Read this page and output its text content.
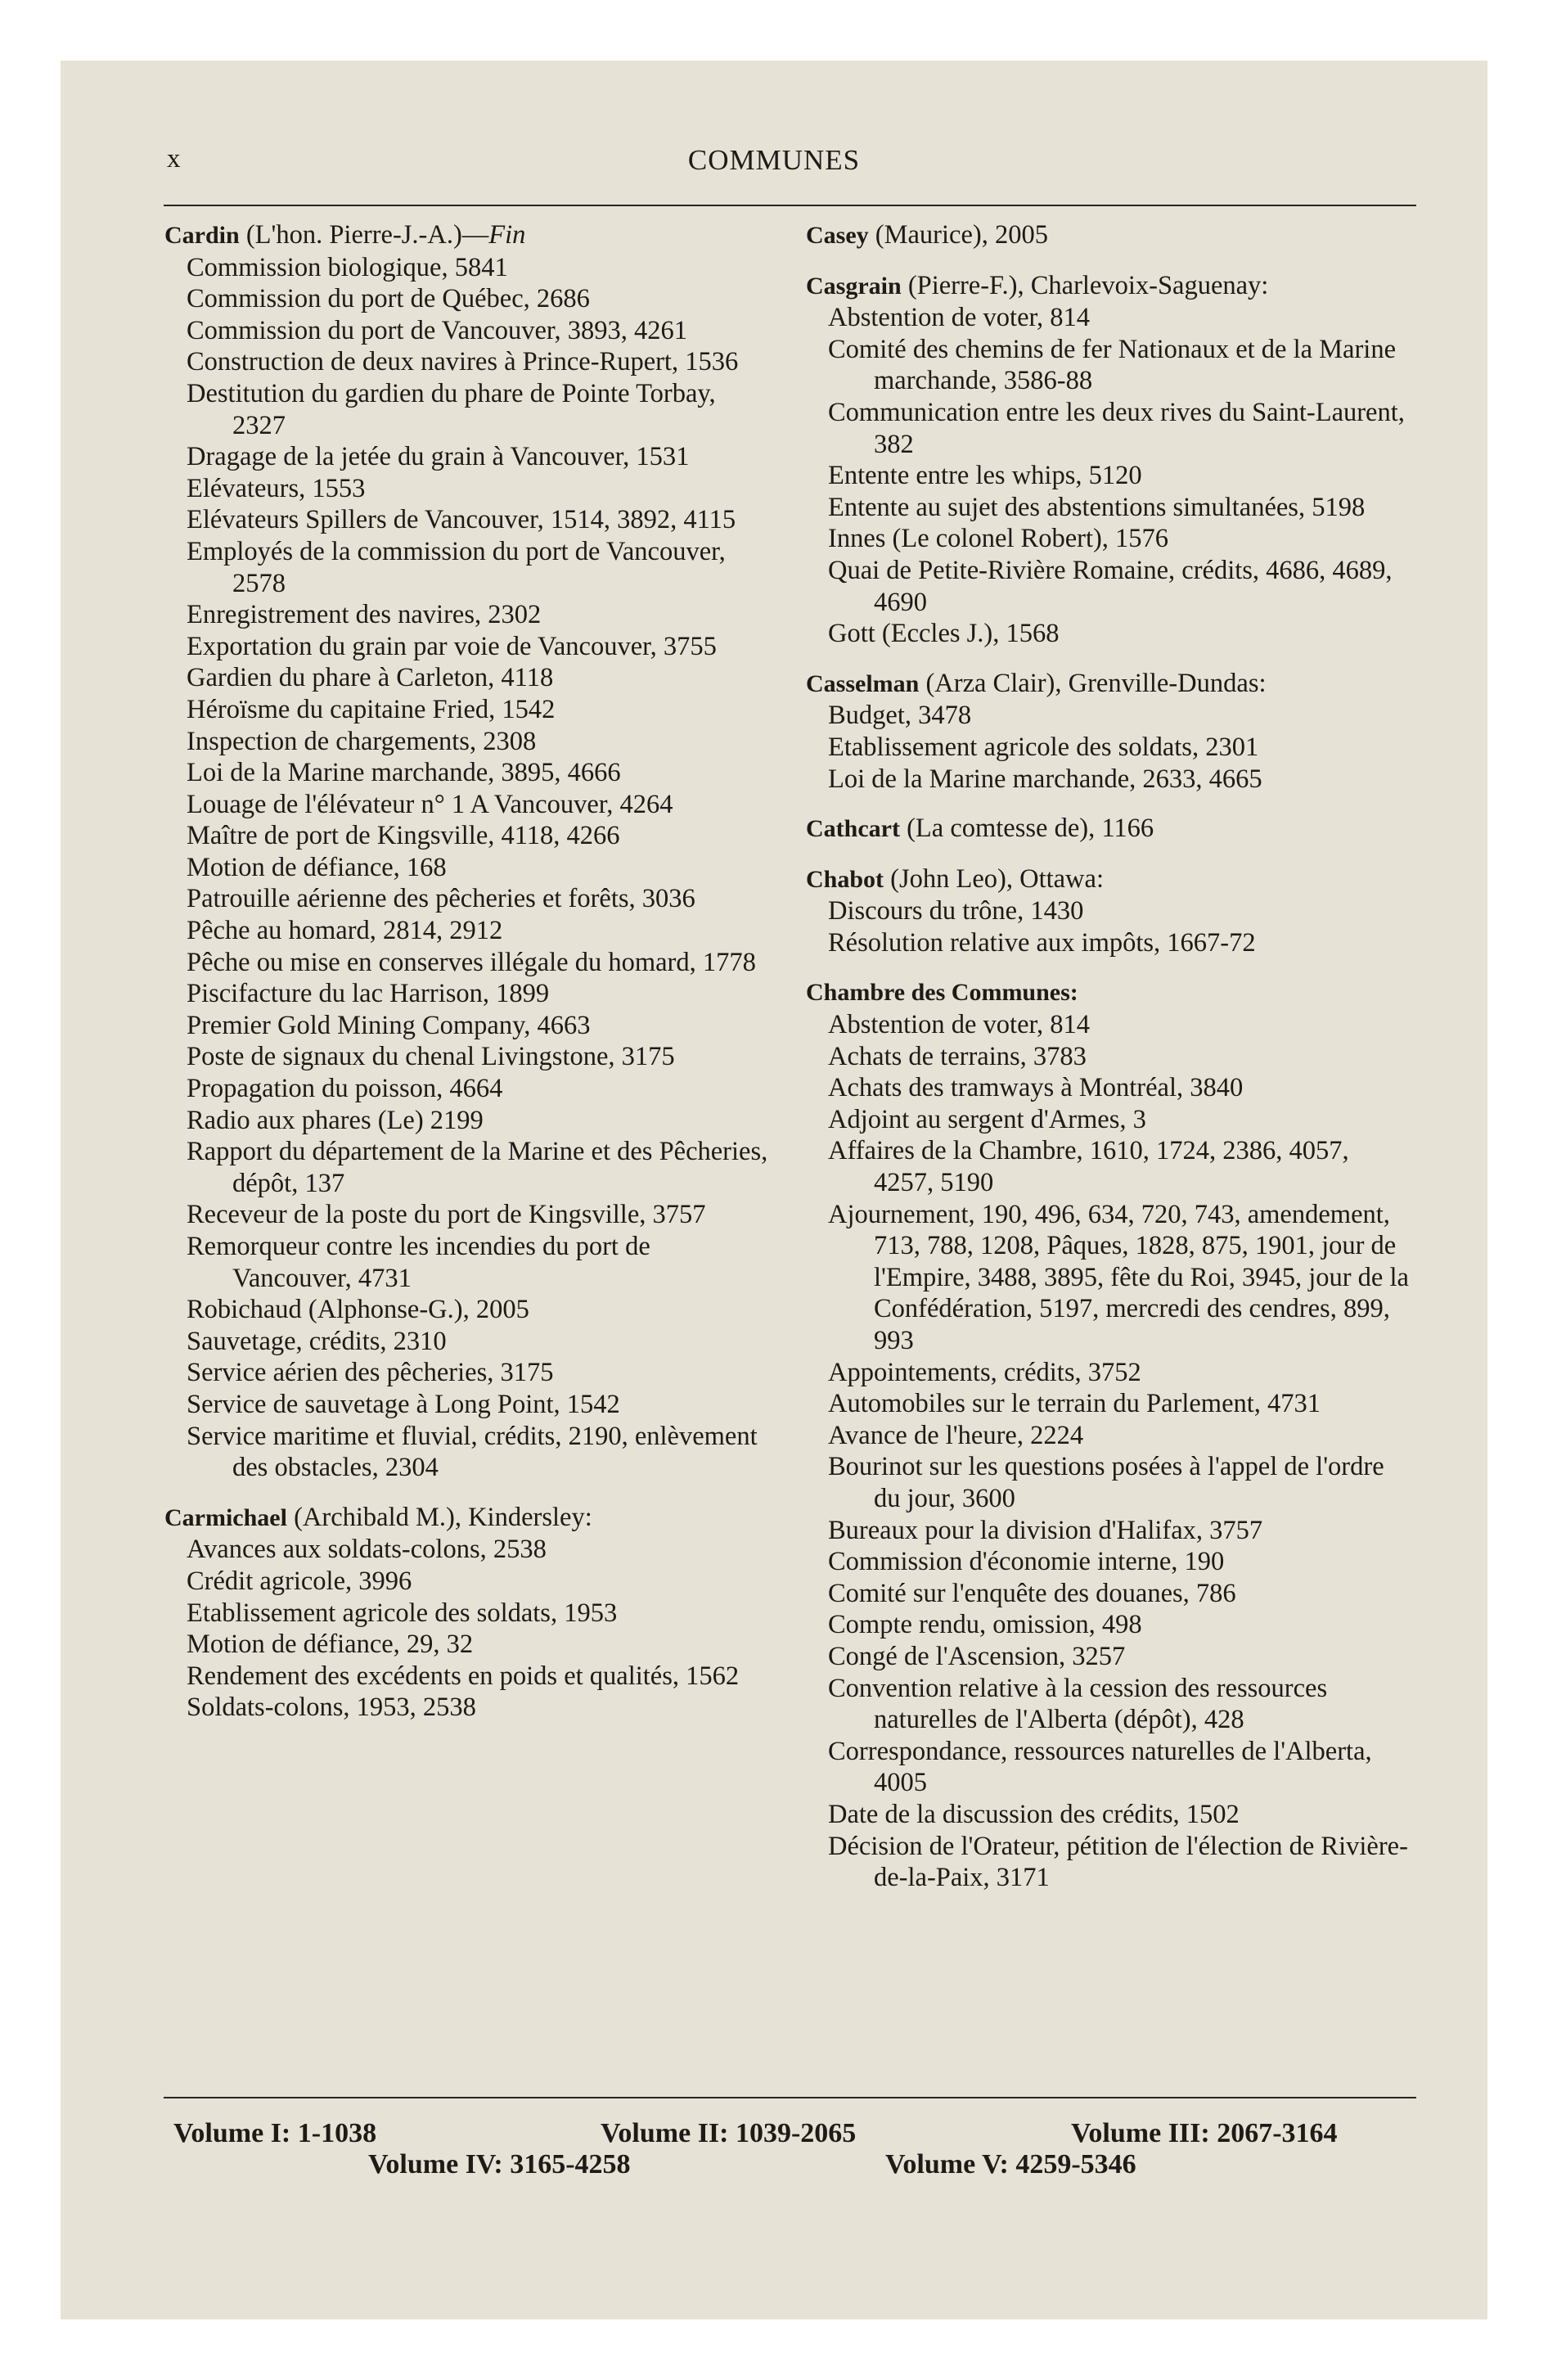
x	COMMUNES
Cardin (L'hon. Pierre-J.-A.)—Fin
Commission biologique, 5841
Commission du port de Québec, 2686
Commission du port de Vancouver, 3893, 4261
Construction de deux navires à Prince-Rupert, 1536
Destitution du gardien du phare de Pointe Torbay, 2327
Dragage de la jetée du grain à Vancouver, 1531
Elévateurs, 1553
Elévateurs Spillers de Vancouver, 1514, 3892, 4115
Employés de la commission du port de Vancouver, 2578
Enregistrement des navires, 2302
Exportation du grain par voie de Vancouver, 3755
Gardien du phare à Carleton, 4118
Héroïsme du capitaine Fried, 1542
Inspection de chargements, 2308
Loi de la Marine marchande, 3895, 4666
Louage de l'élévateur n° 1 A Vancouver, 4264
Maître de port de Kingsville, 4118, 4266
Motion de défiance, 168
Patrouille aérienne des pêcheries et forêts, 3036
Pêche au homard, 2814, 2912
Pêche ou mise en conserves illégale du homard, 1778
Piscifacture du lac Harrison, 1899
Premier Gold Mining Company, 4663
Poste de signaux du chenal Livingstone, 3175
Propagation du poisson, 4664
Radio aux phares (Le) 2199
Rapport du département de la Marine et des Pêcheries, dépôt, 137
Receveur de la poste du port de Kingsville, 3757
Remorqueur contre les incendies du port de Vancouver, 4731
Robichaud (Alphonse-G.), 2005
Sauvetage, crédits, 2310
Service aérien des pêcheries, 3175
Service de sauvetage à Long Point, 1542
Service maritime et fluvial, crédits, 2190, enlèvement des obstacles, 2304
Carmichael (Archibald M.), Kindersley:
Avances aux soldats-colons, 2538
Crédit agricole, 3996
Etablissement agricole des soldats, 1953
Motion de défiance, 29, 32
Rendement des excédents en poids et qualités, 1562
Soldats-colons, 1953, 2538
Casey (Maurice), 2005
Casgrain (Pierre-F.), Charlevoix-Saguenay:
Abstention de voter, 814
Comité des chemins de fer Nationaux et de la Marine marchande, 3586-88
Communication entre les deux rives du Saint-Laurent, 382
Entente entre les whips, 5120
Entente au sujet des abstentions simultanées, 5198
Innes (Le colonel Robert), 1576
Quai de Petite-Rivière Romaine, crédits, 4686, 4689, 4690
Gott (Eccles J.), 1568
Casselman (Arza Clair), Grenville-Dundas:
Budget, 3478
Etablissement agricole des soldats, 2301
Loi de la Marine marchande, 2633, 4665
Cathcart (La comtesse de), 1166
Chabot (John Leo), Ottawa:
Discours du trône, 1430
Résolution relative aux impôts, 1667-72
Chambre des Communes:
Abstention de voter, 814
Achats de terrains, 3783
Achats des tramways à Montréal, 3840
Adjoint au sergent d'Armes, 3
Affaires de la Chambre, 1610, 1724, 2386, 4057, 4257, 5190
Ajournement, 190, 496, 634, 720, 743, amendement, 713, 788, 1208, Pâques, 1828, 875, 1901, jour de l'Empire, 3488, 3895, fête du Roi, 3945, jour de la Confédération, 5197, mercredi des cendres, 899, 993
Appointements, crédits, 3752
Automobiles sur le terrain du Parlement, 4731
Avance de l'heure, 2224
Bourinot sur les questions posées à l'appel de l'ordre du jour, 3600
Bureaux pour la division d'Halifax, 3757
Commission d'économie interne, 190
Comité sur l'enquête des douanes, 786
Compte rendu, omission, 498
Congé de l'Ascension, 3257
Convention relative à la cession des ressources naturelles de l'Alberta (dépôt), 428
Correspondance, ressources naturelles de l'Alberta, 4005
Date de la discussion des crédits, 1502
Décision de l'Orateur, pétition de l'élection de Rivière-de-la-Paix, 3171
Volume I: 1-1038	Volume II: 1039-2065	Volume III: 2067-3164
Volume IV: 3165-4258	Volume V: 4259-5346
